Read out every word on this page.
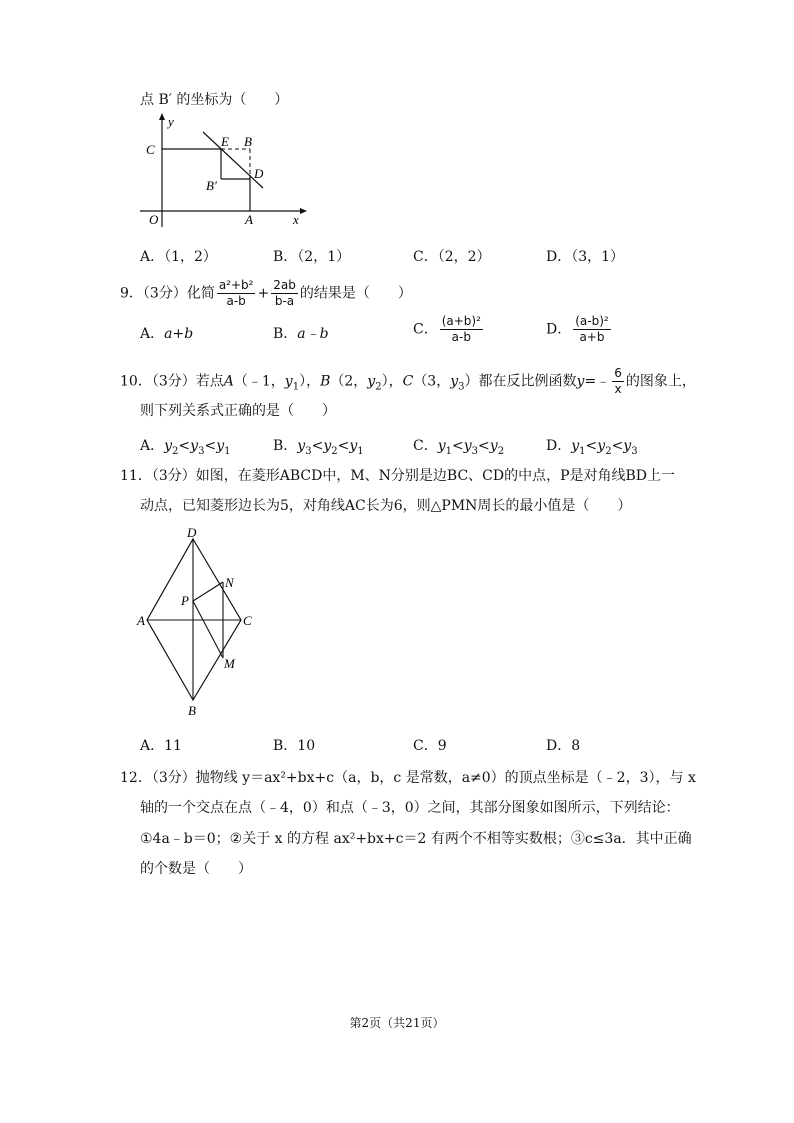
点 B′ 的坐标为（　　）
y
x
O
C
E B
B′
D
A
A．（1，2）	B．（2，1）	C．（2，2）	D．（3，1）
9．（3分）化简 $\frac{\text{a²+b²}}{a-b} + \frac{2ab}{b-a}$ 的结果是（　　）
A．a+b	B．a﹣b	C． $\frac{\text{(a+b)²}}{a-b}$	D． $\frac{\text{(a-b)²}}{a+b}$
10．（3分）若点A（﹣1，$y_1$），B（2，$y_2$），C（3，$y_3$）都在反比例函数y=﹣ $\frac{6}{x}$ 的图象上，
则下列关系式正确的是（　　）
A．$y_2<y_3<y_1$	B．$y_3<y_2<y_1$	C．$y_1<y_3<y_2$	D．$y_1<y_2<y_3$
11．（3分）如图，在菱形ABCD中，M、N分别是边BC、CD的中点，P是对角线BD上一
动点，已知菱形边长为5，对角线AC长为6，则△PMN周长的最小值是（　　）
D
N
P
A	C
M
B
A．11	B．10	C．9	D．8
12．（3分）抛物线 y＝ax²+bx+c（a，b，c 是常数，a≠0）的顶点坐标是（﹣2，3），与 x
轴的一个交点在点（﹣4，0）和点（﹣3，0）之间，其部分图象如图所示，下列结论：
①4a﹣b＝0；②关于 x 的方程 ax²+bx+c＝2 有两个不相等实数根；③c≤3a．其中正确
的个数是（　　）
第2页（共21页）
